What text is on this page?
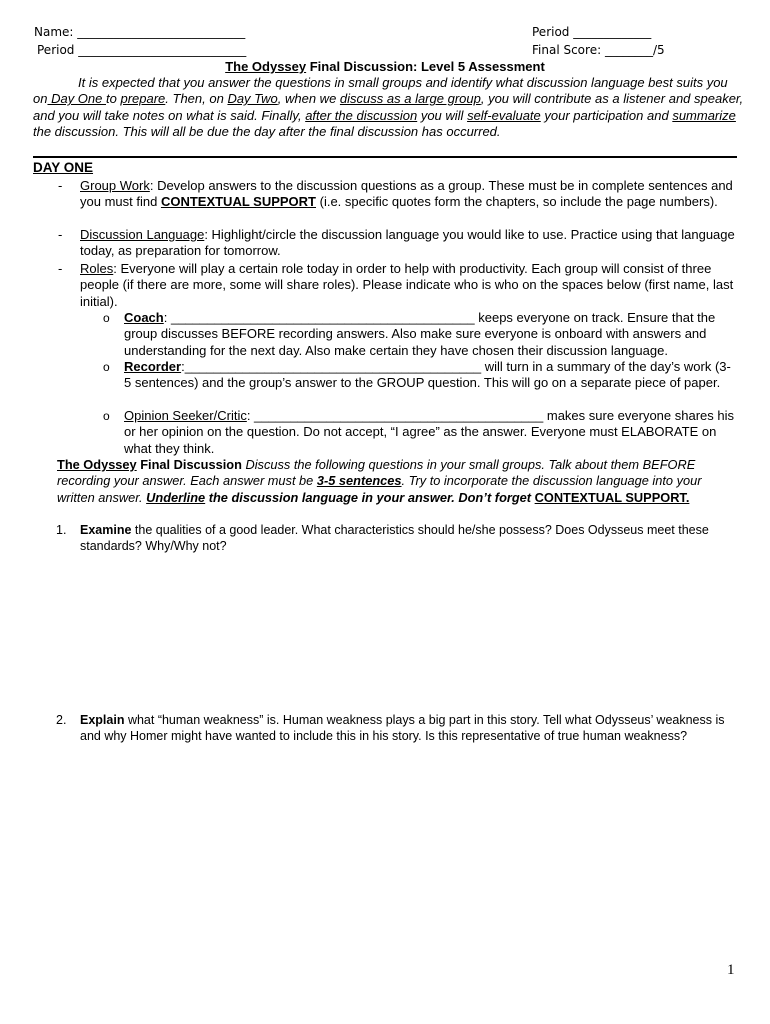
Name: ____________________________
Period ____________________________
Period _____________
Final Score: ________/5
The Odyssey Final Discussion: Level 5 Assessment
It is expected that you answer the questions in small groups and identify what discussion language best suits you on Day One to prepare. Then, on Day Two, when we discuss as a large group, you will contribute as a listener and speaker, and you will take notes on what is said. Finally, after the discussion you will self-evaluate your participation and summarize the discussion. This will all be due the day after the final discussion has occurred.
DAY ONE
- Group Work: Develop answers to the discussion questions as a group. These must be in complete sentences and you must find CONTEXTUAL SUPPORT (i.e. specific quotes form the chapters, so include the page numbers).
- Discussion Language: Highlight/circle the discussion language you would like to use. Practice using that language today, as preparation for tomorrow.
- Roles: Everyone will play a certain role today in order to help with productivity. Each group will consist of three people (if there are more, some will share roles). Please indicate who is who on the spaces below (first name, last initial).
o Coach: __________________________________________ keeps everyone on track. Ensure that the group discusses BEFORE recording answers. Also make sure everyone is onboard with answers and understanding for the next day. Also make certain they have chosen their discussion language.
o Recorder:_________________________________________ will turn in a summary of the day’s work (3-5 sentences) and the group’s answer to the GROUP question. This will go on a separate piece of paper.
o Opinion Seeker/Critic: ________________________________________ makes sure everyone shares his or her opinion on the question. Do not accept, “I agree” as the answer. Everyone must ELABORATE on what they think.
The Odyssey Final Discussion Discuss the following questions in your small groups. Talk about them BEFORE recording your answer. Each answer must be 3-5 sentences. Try to incorporate the discussion language into your written answer. Underline the discussion language in your answer. Don’t forget CONTEXTUAL SUPPORT.
1. Examine the qualities of a good leader. What characteristics should he/she possess? Does Odysseus meet these standards? Why/Why not?
2. Explain what “human weakness” is. Human weakness plays a big part in this story. Tell what Odysseus’ weakness is and why Homer might have wanted to include this in his story. Is this representative of true human weakness?
1
